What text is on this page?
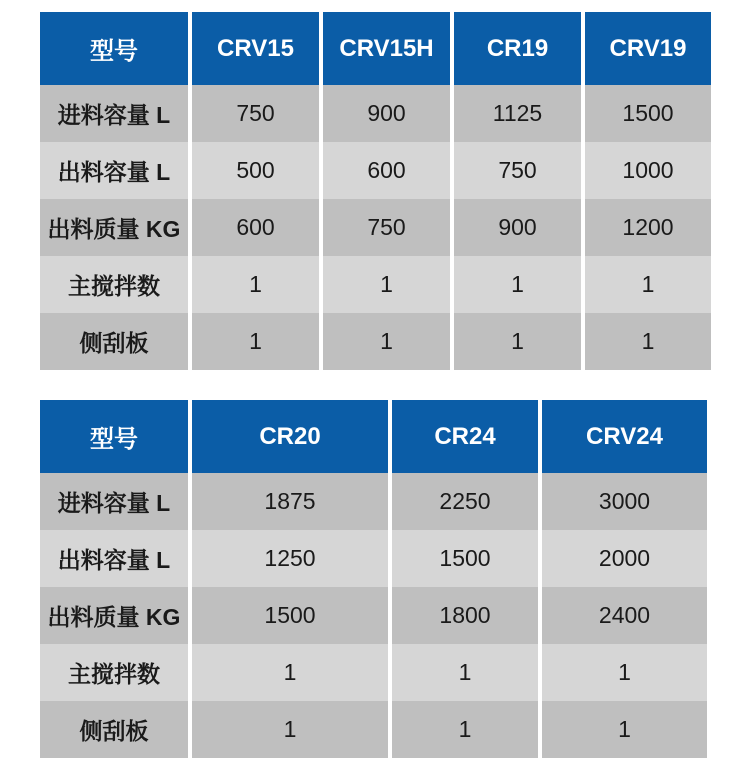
型号	CRV15	CRV15H	CR19	CRV19
进料容量 L	750	900	1125	1500
出料容量 L	500	600	750	1000
出料质量 KG	600	750	900	1200
主搅拌数	1	1	1	1
侧刮板	1	1	1	1
型号	CR20	CR24	CRV24
进料容量 L	1875	2250	3000
出料容量 L	1250	1500	2000
出料质量 KG	1500	1800	2400
主搅拌数	1	1	1
侧刮板	1	1	1
